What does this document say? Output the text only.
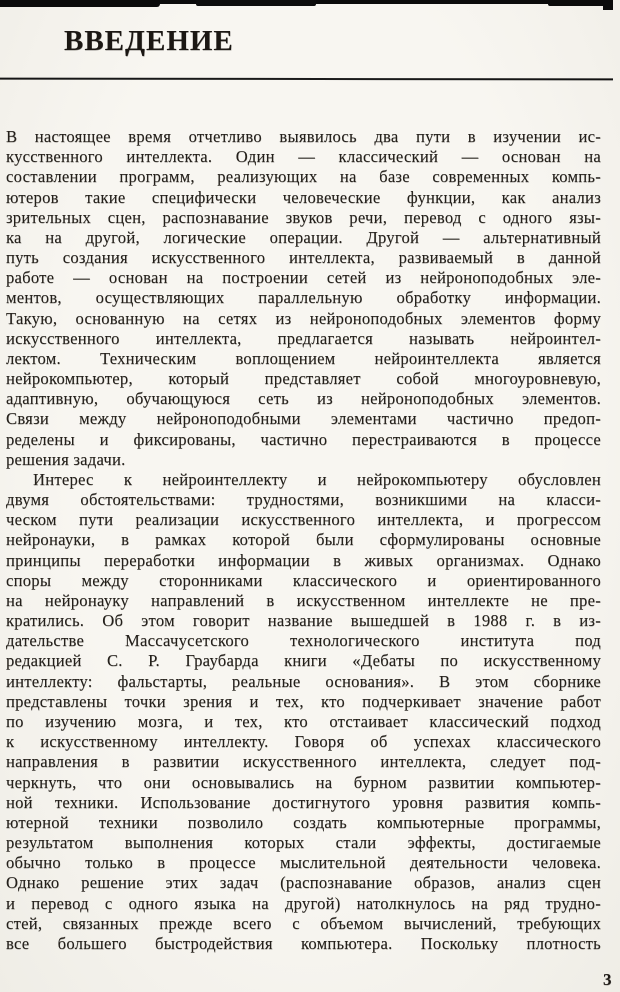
ВВЕДЕНИЕ
В настоящее время отчетливо выявилось два пути в изучении ис-
кусственного интеллекта. Один — классический — основан на
составлении программ, реализующих на базе современных компь-
ютеров такие специфически человеческие функции, как анализ
зрительных сцен, распознавание звуков речи, перевод с одного язы-
ка на другой, логические операции. Другой — альтернативный
путь создания искусственного интеллекта, развиваемый в данной
работе — основан на построении сетей из нейроноподобных эле-
ментов, осуществляющих параллельную обработку информации.
Такую, основанную на сетях из нейроноподобных элементов форму
искусственного интеллекта, предлагается называть нейроинтел-
лектом. Техническим воплощением нейроинтеллекта является
нейрокомпьютер, который представляет собой многоуровневую,
адаптивную, обучающуюся сеть из нейроноподобных элементов.
Связи между нейроноподобными элементами частично предоп-
ределены и фиксированы, частично перестраиваются в процессе
решения задачи.
Интерес к нейроинтеллекту и нейрокомпьютеру обусловлен
двумя обстоятельствами: трудностями, возникшими на класси-
ческом пути реализации искусственного интеллекта, и прогрессом
нейронауки, в рамках которой были сформулированы основные
принципы переработки информации в живых организмах. Однако
споры между сторонниками классического и ориентированного
на нейронауку направлений в искусственном интеллекте не пре-
кратились. Об этом говорит название вышедшей в 1988 г. в из-
дательстве Массачусетского технологического института под
редакцией С. Р. Граубарда книги «Дебаты по искусственному
интеллекту: фальстарты, реальные основания». В этом сборнике
представлены точки зрения и тех, кто подчеркивает значение работ
по изучению мозга, и тех, кто отстаивает классический подход
к искусственному интеллекту. Говоря об успехах классического
направления в развитии искусственного интеллекта, следует под-
черкнуть, что они основывались на бурном развитии компьютер-
ной техники. Использование достигнутого уровня развития компь-
ютерной техники позволило создать компьютерные программы,
результатом выполнения которых стали эффекты, достигаемые
обычно только в процессе мыслительной деятельности человека.
Однако решение этих задач (распознавание образов, анализ сцен
и перевод с одного языка на другой) натолкнулось на ряд трудно-
стей, связанных прежде всего с объемом вычислений, требующих
все большего быстродействия компьютера. Поскольку плотность
3
